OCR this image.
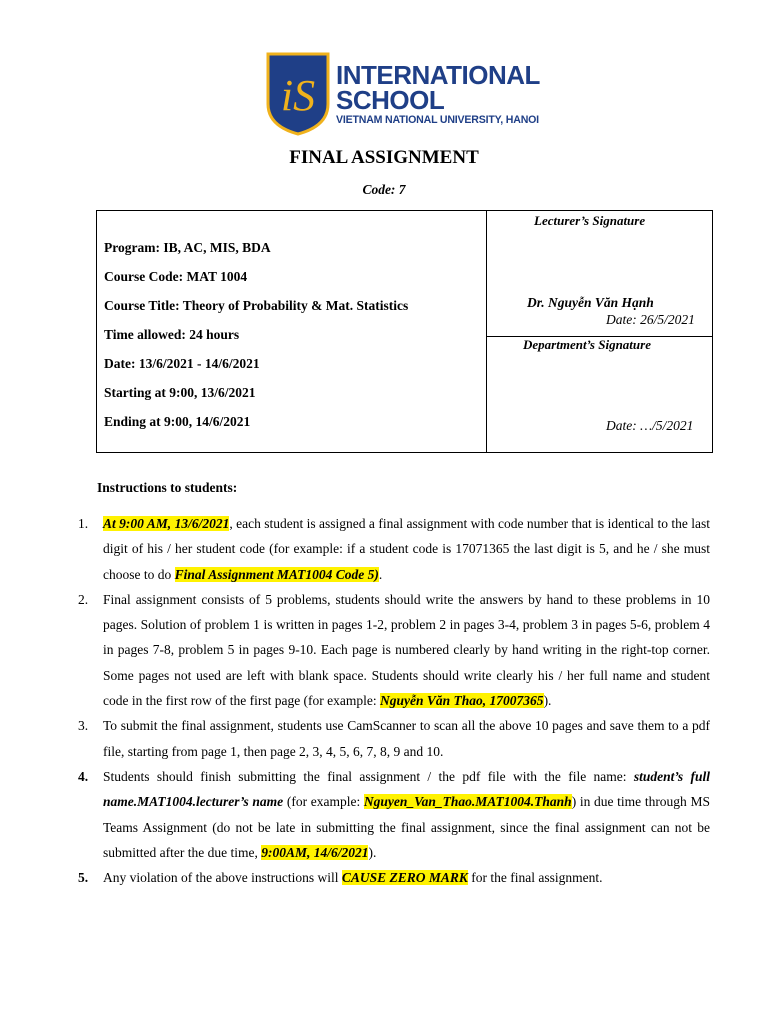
iS INTERNATIONAL
SCHOOL
VIETNAM NATIONAL UNIVERSITY, HANOI
FINAL ASSIGNMENT
Code: 7
Program: IB, AC, MIS, BDA
Course Code: MAT 1004
Course Title: Theory of Probability & Mat. Statistics
Time allowed: 24 hours
Date: 13/6/2021 - 14/6/2021
Starting at 9:00, 13/6/2021
Ending at 9:00, 14/6/2021
Lecturer’s Signature
Dr. Nguyễn Văn Hạnh
Date: 26/5/2021
Department’s Signature
Date: …/5/2021
Instructions to students:
1. At 9:00 AM, 13/6/2021, each student is assigned a final assignment with code number that is identical to the last digit of his / her student code (for example: if a student code is 17071365 the last digit is 5, and he / she must choose to do Final Assignment MAT1004 Code 5).
2. Final assignment consists of 5 problems, students should write the answers by hand to these problems in 10 pages. Solution of problem 1 is written in pages 1-2, problem 2 in pages 3-4, problem 3 in pages 5-6, problem 4 in pages 7-8, problem 5 in pages 9-10. Each page is numbered clearly by hand writing in the right-top corner. Some pages not used are left with blank space. Students should write clearly his / her full name and student code in the first row of the first page (for example: Nguyễn Văn Thao, 17007365).
3. To submit the final assignment, students use CamScanner to scan all the above 10 pages and save them to a pdf file, starting from page 1, then page 2, 3, 4, 5, 6, 7, 8, 9 and 10.
4. Students should finish submitting the final assignment / the pdf file with the file name: student’s full name.MAT1004.lecturer’s name (for example: Nguyen_Van_Thao.MAT1004.Thanh) in due time through MS Teams Assignment (do not be late in submitting the final assignment, since the final assignment can not be submitted after the due time, 9:00AM, 14/6/2021).
5. Any violation of the above instructions will CAUSE ZERO MARK for the final assignment.
